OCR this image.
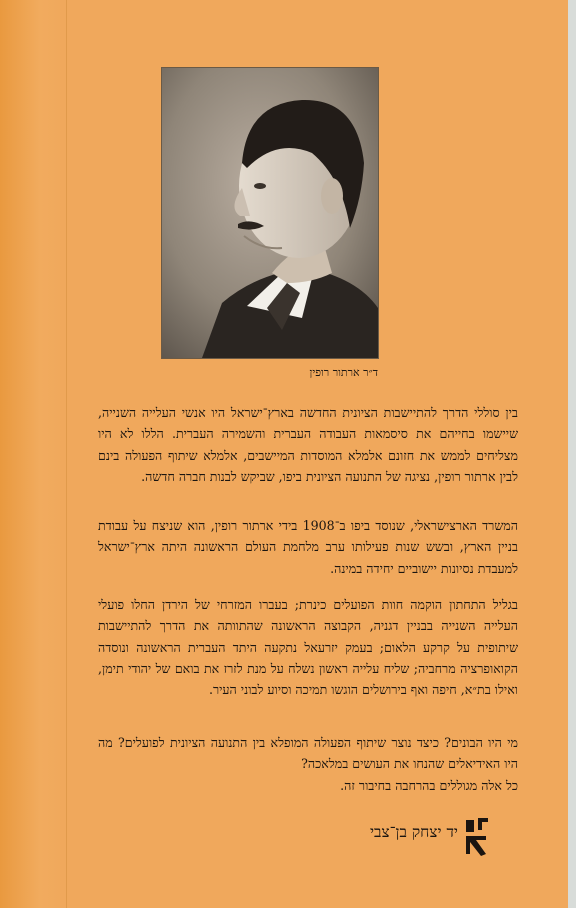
ד״ר ארתור רופין
בין סוללי הדרך להתיישבות הציונית החדשה בארץ־ישראל היו אנשי העלייה השנייה, שיישמו בחייהם את סיסמאות העבודה העברית והשמירה העברית. הללו לא היו מצליחים לממש את חזונם אלמלא המוסדות המיישבים, אלמלא שיתוף הפעולה בינם לבין ארתור רופין, נציגה של התנועה הציונית ביפו, שביקש לבנות חברה חדשה.
המשרד הארצישראלי, שנוסד ביפו ב־1908 בידי ארתור רופין, הוא שניצח על עבודת בניין הארץ, ובשש שנות פעילותו ערב מלחמת העולם הראשונה היתה ארץ־ישראל למעבדת נסיונות יישוביים יחידה במינה.
בגליל התחתון הוקמה חוות הפועלים כינרת; בעברו המזרחי של הירדן החלו פועלי העלייה השנייה בבניין דגניה, הקבוצה הראשונה שהתוותה את הדרך להתיישבות שיתופית על קרקע הלאום; בעמק יזרעאל נתקעה היתד העברית הראשונה ונוסדה הקואופרציה מרחביה; שליח עלייה ראשון נשלח על מנת לזרז את בואם של יהודי תימן, ואילו בת״א, חיפה ואף בירושלים הוגשו תמיכה וסיוע לבוני העיר.
מי היו הבונים? כיצד נוצר שיתוף הפעולה המופלא בין התנועה הציונית לפועלים? מה היו האידיאלים שהנחו את העושים במלאכה?
כל אלה מגוללים בהרחבה בחיבור זה.
יד יצחק בן־צבי
